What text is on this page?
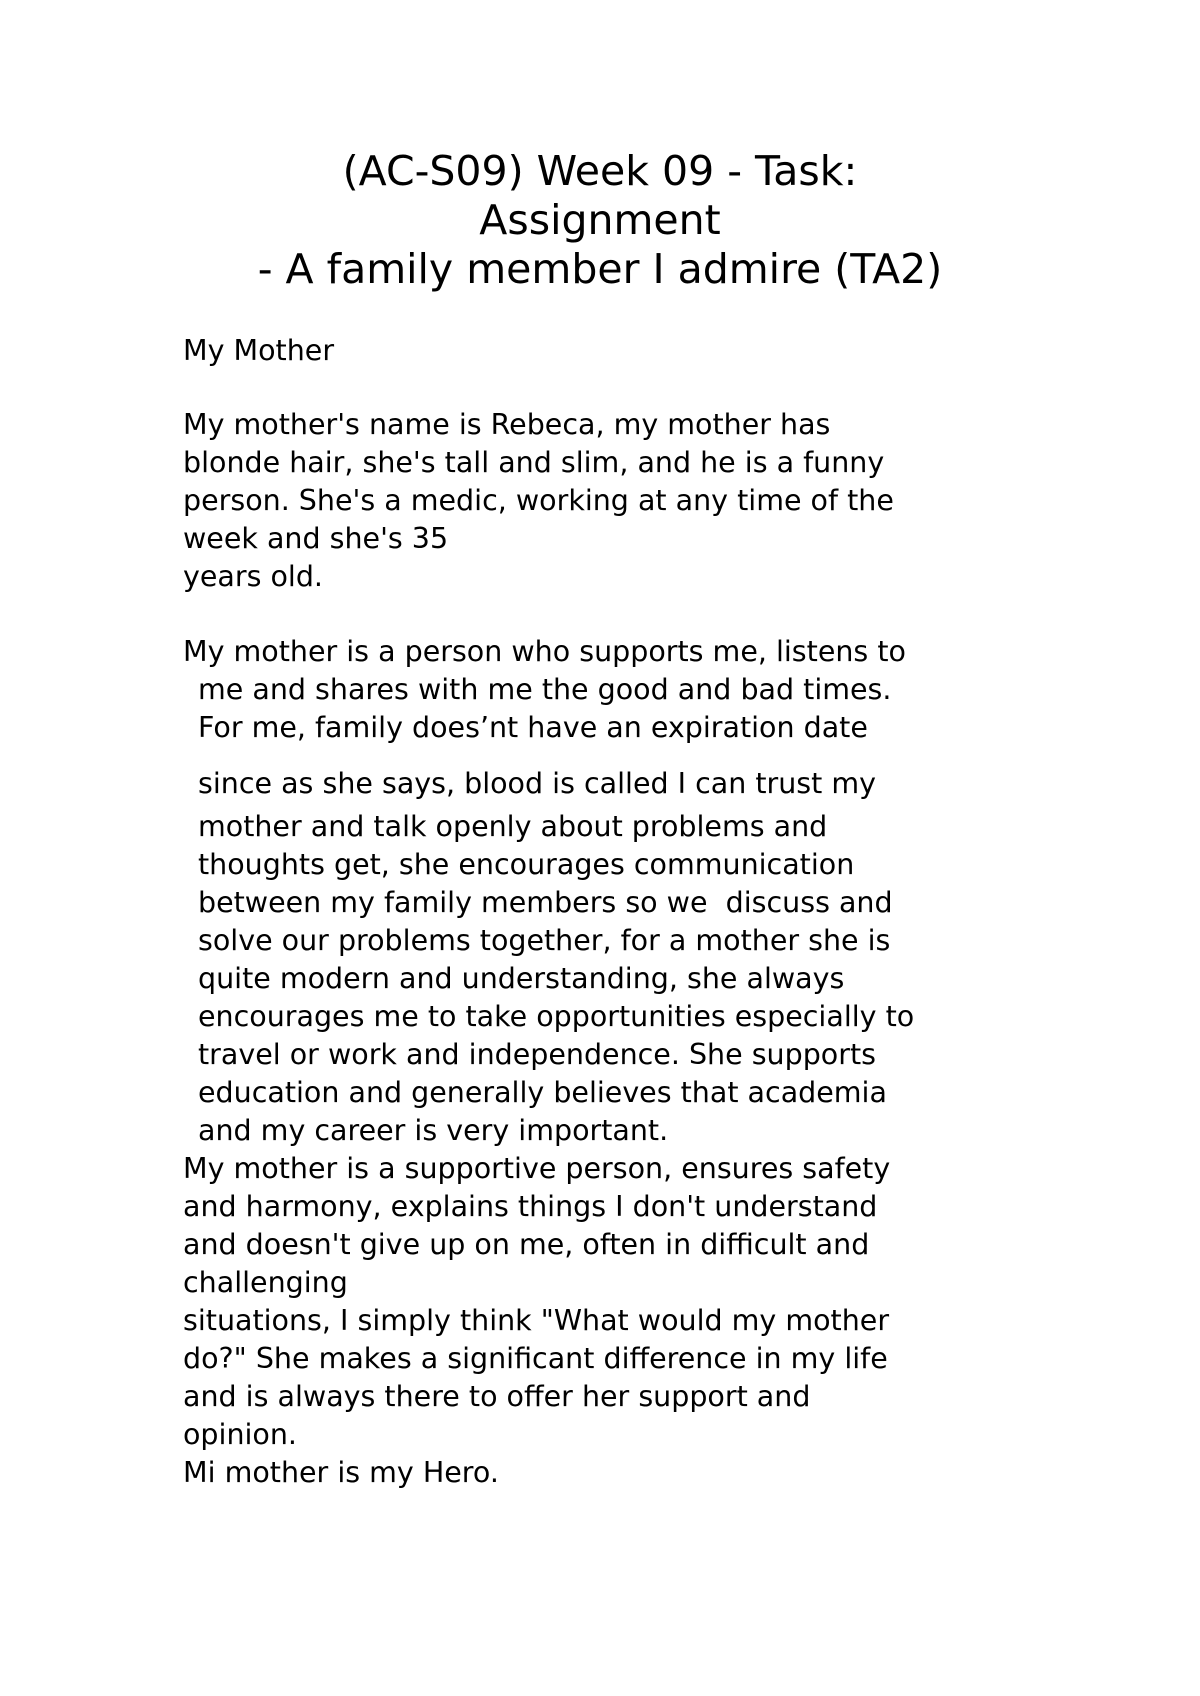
(AC-S09) Week 09 - Task:
Assignment
- A family member I admire (TA2)
My Mother
My mother's name is Rebeca, my mother has
blonde hair, she's tall and slim, and he is a funny
person. She's a medic, working at any time of the
week and she's 35
years old.
My mother is a person who supports me, listens to
me and shares with me the good and bad times.
For me, family does’nt have an expiration date
since as she says, blood is called I can trust my
mother and talk openly about problems and
thoughts get, she encourages communication
between my family members so we  discuss and
solve our problems together, for a mother she is
quite modern and understanding, she always
encourages me to take opportunities especially to
travel or work and independence. She supports
education and generally believes that academia
and my career is very important.
My mother is a supportive person, ensures safety
and harmony, explains things I don't understand
and doesn't give up on me, often in difficult and
challenging
situations, I simply think "What would my mother
do?" She makes a significant difference in my life
and is always there to offer her support and
opinion.
Mi mother is my Hero.
